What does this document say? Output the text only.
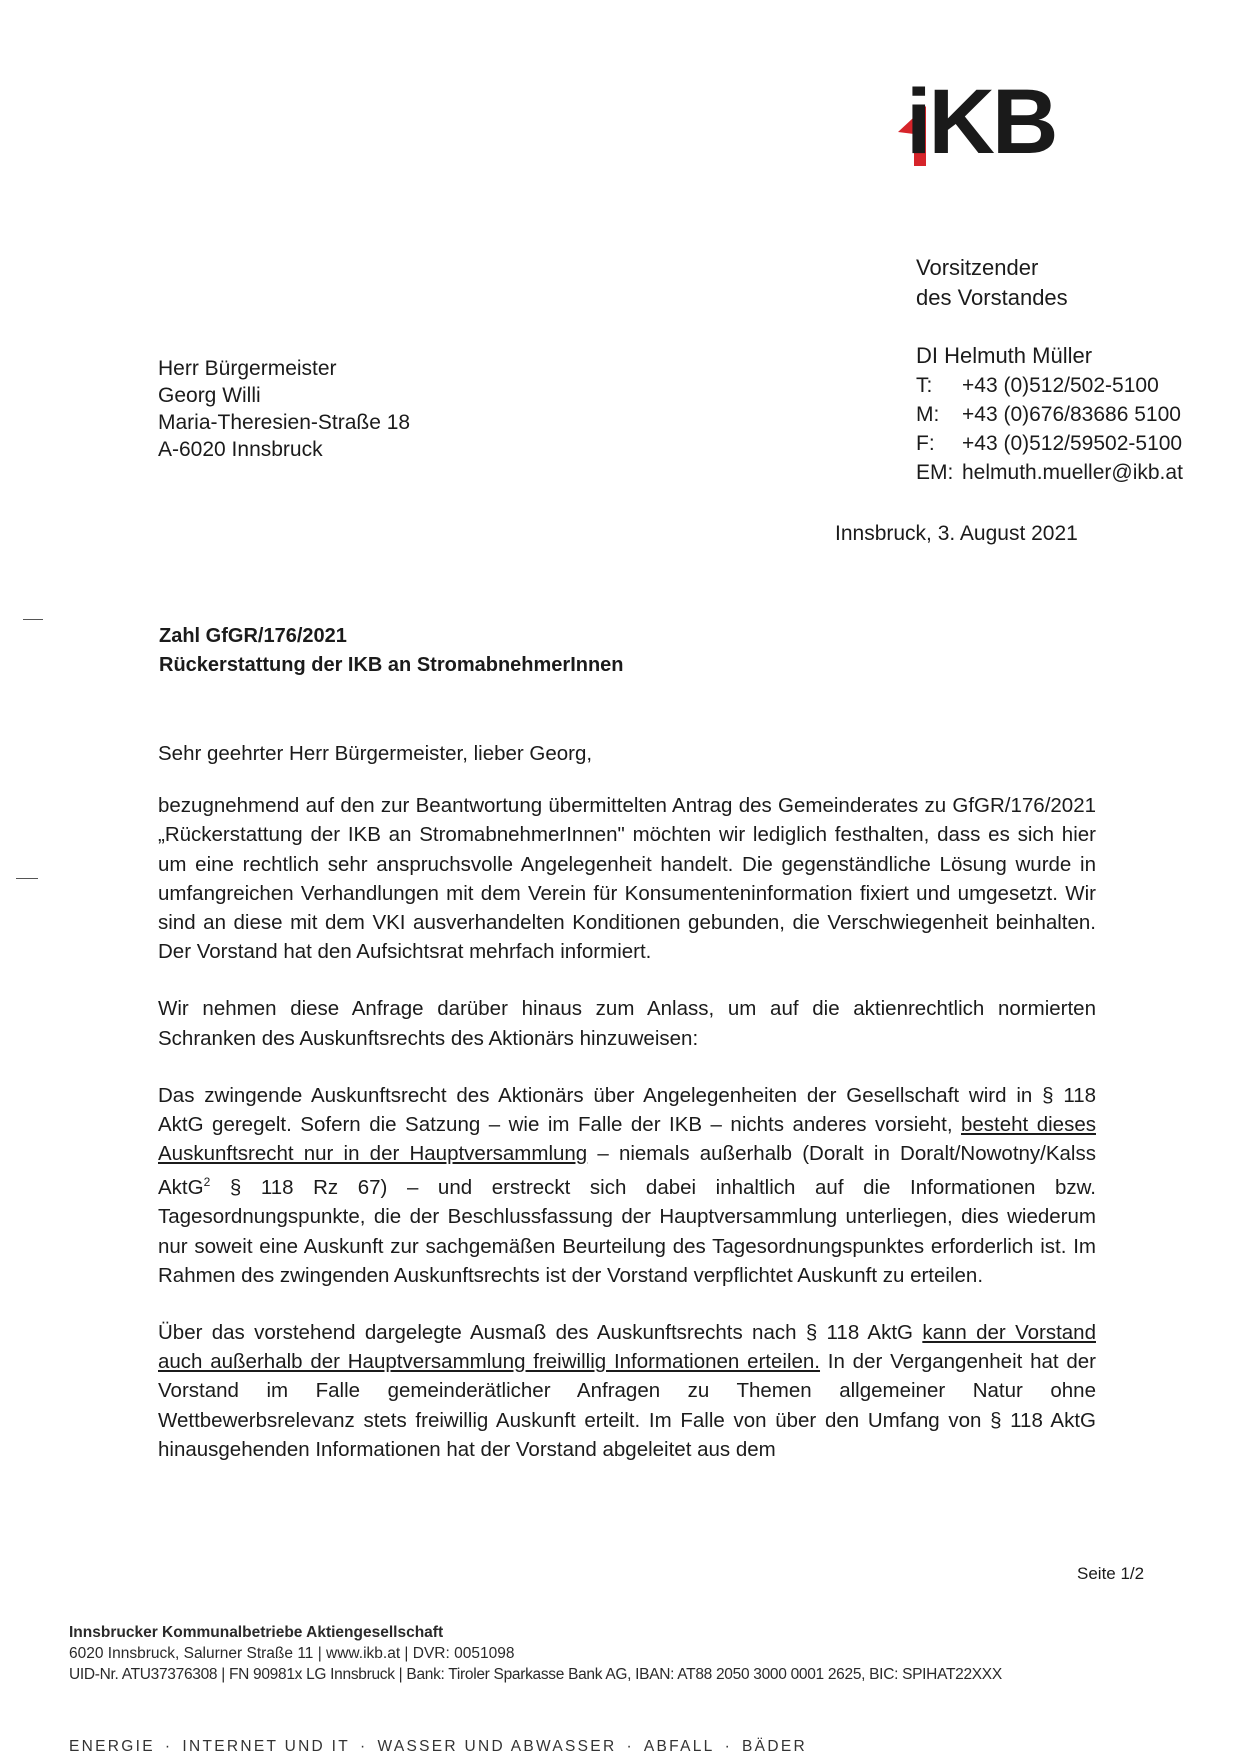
iKB
Vorsitzender
des Vorstandes
DI Helmuth Müller
T: +43 (0)512/502-5100
M: +43 (0)676/83686 5100
F: +43 (0)512/59502-5100
EM: helmuth.mueller@ikb.at
Herr Bürgermeister
Georg Willi
Maria-Theresien-Straße 18
A-6020 Innsbruck
Innsbruck, 3. August 2021
Zahl GfGR/176/2021
Rückerstattung der IKB an StromabnehmerInnen

Sehr geehrter Herr Bürgermeister, lieber Georg,

bezugnehmend auf den zur Beantwortung übermittelten Antrag des Gemeinderates zu GfGR/176/2021 „Rückerstattung der IKB an StromabnehmerInnen" möchten wir lediglich festhalten, dass es sich hier um eine rechtlich sehr anspruchsvolle Angelegenheit handelt. Die gegenständliche Lösung wurde in umfangreichen Verhandlungen mit dem Verein für Konsumenteninformation fixiert und umgesetzt. Wir sind an diese mit dem VKI ausverhandelten Konditionen gebunden, die Verschwiegenheit beinhalten. Der Vorstand hat den Aufsichtsrat mehrfach informiert.

Wir nehmen diese Anfrage darüber hinaus zum Anlass, um auf die aktienrechtlich normierten Schranken des Auskunftsrechts des Aktionärs hinzuweisen:

Das zwingende Auskunftsrecht des Aktionärs über Angelegenheiten der Gesellschaft wird in § 118 AktG geregelt. Sofern die Satzung – wie im Falle der IKB – nichts anderes vorsieht, besteht dieses Auskunftsrecht nur in der Hauptversammlung – niemals außerhalb (Doralt in Doralt/Nowotny/Kalss AktG$^2$ § 118 Rz 67) – und erstreckt sich dabei inhaltlich auf die Informationen bzw. Tagesordnungspunkte, die der Beschlussfassung der Hauptversammlung unterliegen, dies wiederum nur soweit eine Auskunft zur sachgemäßen Beurteilung des Tagesordnungspunktes erforderlich ist. Im Rahmen des zwingenden Auskunftsrechts ist der Vorstand verpflichtet Auskunft zu erteilen.

Über das vorstehend dargelegte Ausmaß des Auskunftsrechts nach § 118 AktG kann der Vorstand auch außerhalb der Hauptversammlung freiwillig Informationen erteilen. In der Vergangenheit hat der Vorstand im Falle gemeinderätlicher Anfragen zu Themen allgemeiner Natur ohne Wettbewerbsrelevanz stets freiwillig Auskunft erteilt. Im Falle von über den Umfang von § 118 AktG hinausgehenden Informationen hat der Vorstand abgeleitet aus dem

Seite 1/2
Innsbrucker Kommunalbetriebe Aktiengesellschaft
6020 Innsbruck, Salurner Straße 11 | www.ikb.at | DVR: 0051098
UID-Nr. ATU37376308 | FN 90981x LG Innsbruck | Bank: Tiroler Sparkasse Bank AG, IBAN: AT88 2050 3000 0001 2625, BIC: SPIHAT22XXX
ENERGIE · INTERNET UND IT · WASSER UND ABWASSER · ABFALL · BÄDER
